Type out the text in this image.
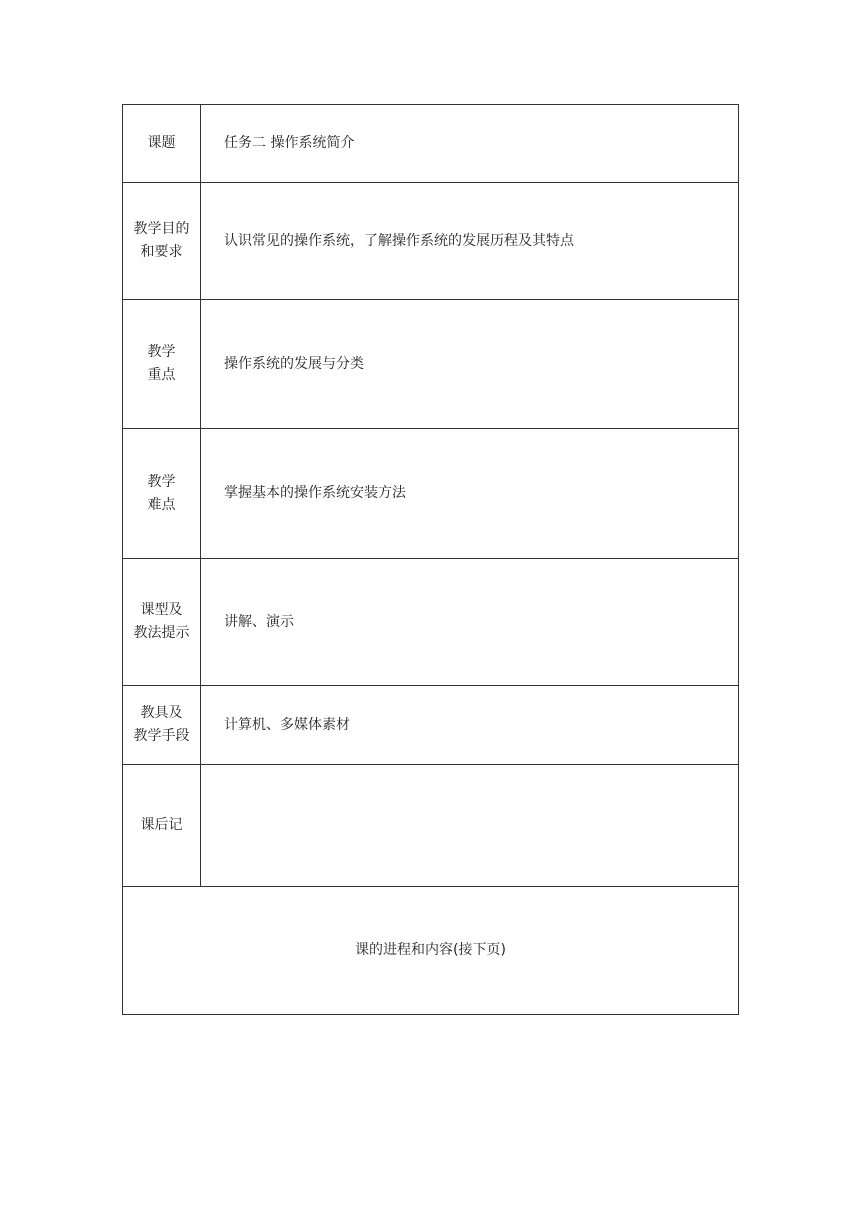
课题	任务二 操作系统简介

教学目的
和要求	认识常见的操作系统，了解操作系统的发展历程及其特点

教学
重点	操作系统的发展与分类

教学
难点	掌握基本的操作系统安装方法

课型及
教法提示	讲解、演示

教具及
教学手段	计算机、多媒体素材

课后记	

课的进程和内容(接下页)	
